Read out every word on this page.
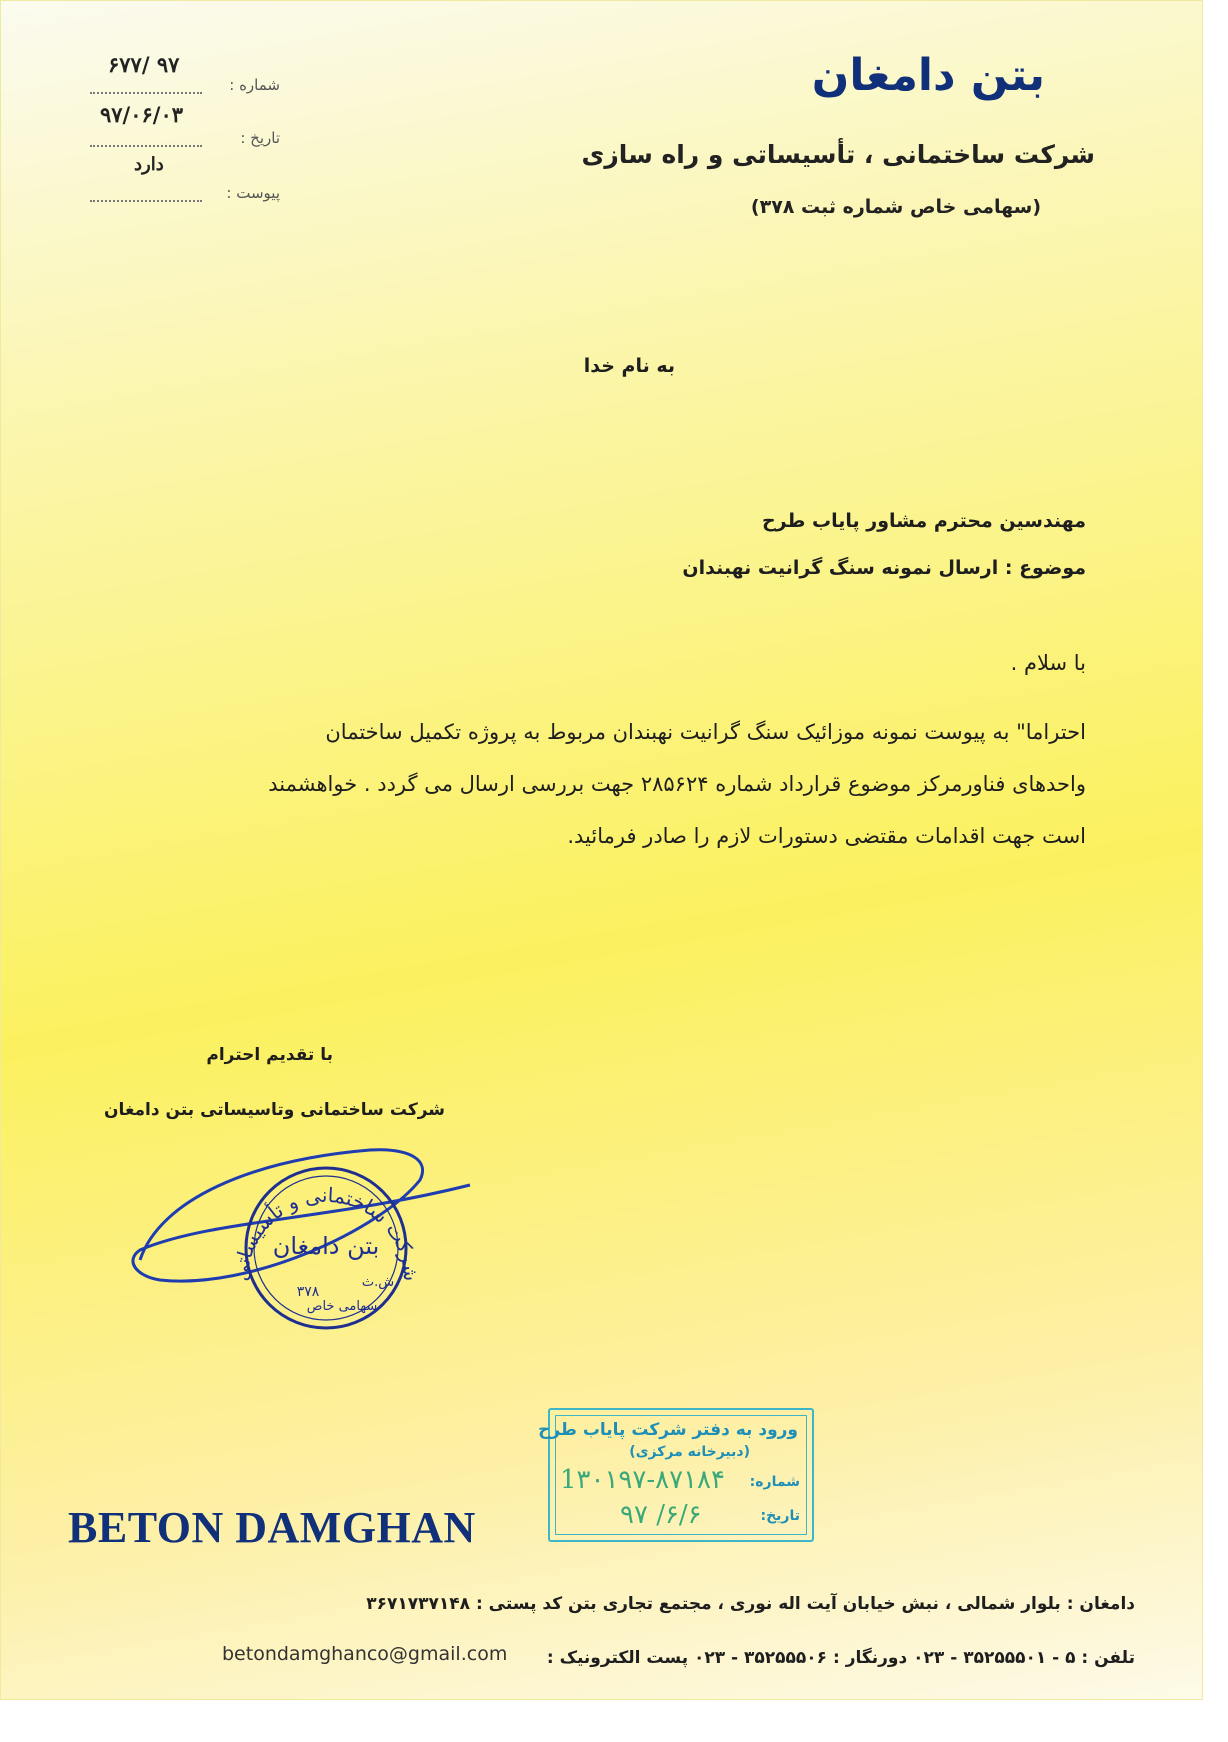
شماره :
۹۷ /۶۷۷
تاریخ :
۹۷/۰۶/۰۳
پیوست :
دارد
بتن دامغان
شرکت ساختمانی ، تأسیساتی و راه سازی
(سهامی خاص شماره ثبت ۳۷۸)
به نام خدا
مهندسین محترم مشاور پایاب طرح
موضوع : ارسال نمونه سنگ گرانیت نهبندان
با سلام .
احتراما" به پیوست نمونه موزائیک سنگ گرانیت نهبندان مربوط به پروژه تکمیل ساختمان
واحدهای فناورمرکز موضوع قرارداد شماره ۲۸۵۶۲۴ جهت بررسی ارسال می گردد . خواهشمند
است جهت اقدامات مقتضی دستورات لازم را صادر فرمائید.
با تقدیم احترام
شرکت ساختمانی وتاسیساتی بتن دامغان
شرکت ساختمانی و تأسیساتی
بتن دامغان
ش.ث
۳۷۸
سهامی خاص
ورود به دفتر شرکت پایاب طرح
(دبیرخانه مرکزی)
شماره:
1۳۰۱۹۷-۸۷۱۸۴
تاریخ:
۹۷ /۶/۶
BETON DAMGHAN
دامغان : بلوار شمالی ، نبش خیابان آیت اله نوری ، مجتمع تجاری بتن کد پستی : ۳۶۷۱۷۳۷۱۴۸
تلفن : ۵ - ۳۵۲۵۵۵۰۱ - ۰۲۳ دورنگار : ۳۵۲۵۵۵۰۶ - ۰۲۳ پست الکترونیک :
betondamghanco@gmail.com
